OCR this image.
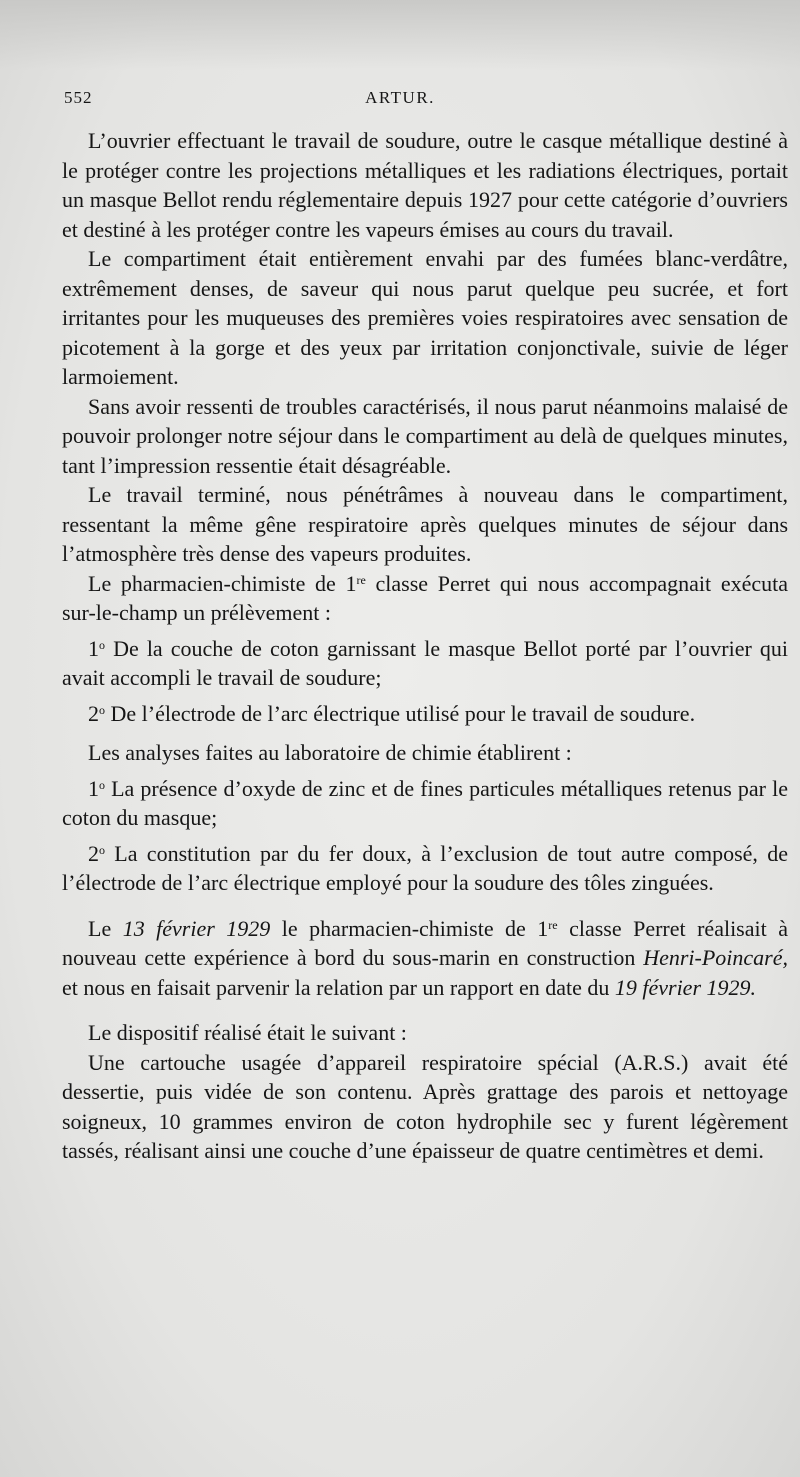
552	ARTUR.

L’ouvrier effectuant le travail de soudure, outre le casque métallique destiné à le protéger contre les projections métalliques et les radiations électriques, portait un masque Bellot rendu réglementaire depuis 1927 pour cette catégorie d’ouvriers et destiné à les protéger contre les vapeurs émises au cours du travail.

Le compartiment était entièrement envahi par des fumées blanc-verdâtre, extrêmement denses, de saveur qui nous parut quelque peu sucrée, et fort irritantes pour les muqueuses des premières voies respiratoires avec sensation de picotement à la gorge et des yeux par irritation conjonctivale, suivie de léger larmoiement.

Sans avoir ressenti de troubles caractérisés, il nous parut néanmoins malaisé de pouvoir prolonger notre séjour dans le compartiment au delà de quelques minutes, tant l’impression ressentie était désagréable.

Le travail terminé, nous pénétrâmes à nouveau dans le compartiment, ressentant la même gêne respiratoire après quelques minutes de séjour dans l’atmosphère très dense des vapeurs produites.

Le pharmacien-chimiste de 1re classe Perret qui nous accompagnait exécuta sur-le-champ un prélèvement :

1$^o$ De la couche de coton garnissant le masque Bellot porté par l’ouvrier qui avait accompli le travail de soudure;

2$^o$ De l’électrode de l’arc électrique utilisé pour le travail de soudure.

Les analyses faites au laboratoire de chimie établirent :

1$^o$ La présence d’oxyde de zinc et de fines particules métalliques retenus par le coton du masque;

2$^o$ La constitution par du fer doux, à l’exclusion de tout autre composé, de l’électrode de l’arc électrique employé pour la soudure des tôles zinguées.

Le 13 février 1929 le pharmacien-chimiste de 1re classe Perret réalisait à nouveau cette expérience à bord du sous-marin en construction Henri-Poincaré, et nous en faisait parvenir la relation par un rapport en date du 19 février 1929.

Le dispositif réalisé était le suivant :

Une cartouche usagée d’appareil respiratoire spécial (A.R.S.) avait été dessertie, puis vidée de son contenu. Après grattage des parois et nettoyage soigneux, 10 grammes environ de coton hydrophile sec y furent légèrement tassés, réalisant ainsi une couche d’une épaisseur de quatre centimètres et demi.
